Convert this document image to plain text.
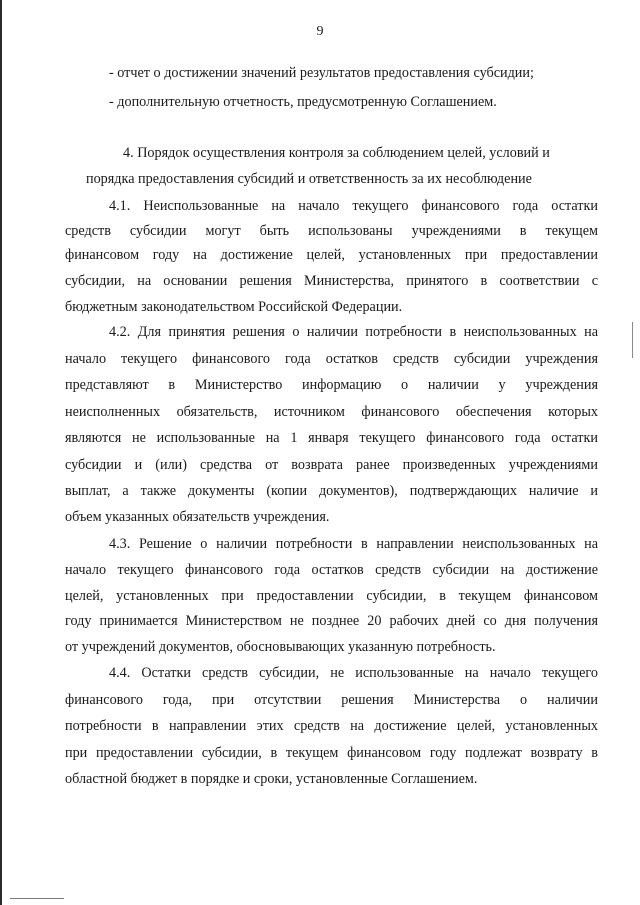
9

- отчет о достижении значений результатов предоставления субсидии;

- дополнительную отчетность, предусмотренную Соглашением.

4. Порядок осуществления контроля за соблюдением целей, условий и

порядка предоставления субсидий и ответственность за их несоблюдение

4.1. Неиспользованные на начало текущего финансового года остатки

средств субсидии могут быть использованы учреждениями в текущем

финансовом году на достижение целей, установленных при предоставлении

субсидии, на основании решения Министерства, принятого в соответствии с

бюджетным законодательством Российской Федерации.

4.2. Для принятия решения о наличии потребности в неиспользованных на

начало текущего финансового года остатков средств субсидии учреждения

представляют в Министерство информацию о наличии у учреждения

неисполненных обязательств, источником финансового обеспечения которых

являются не использованные на 1 января текущего финансового года остатки

субсидии и (или) средства от возврата ранее произведенных учреждениями

выплат, а также документы (копии документов), подтверждающих наличие и

объем указанных обязательств учреждения.

4.3. Решение о наличии потребности в направлении неиспользованных на

начало текущего финансового года остатков средств субсидии на достижение

целей, установленных при предоставлении субсидии, в текущем финансовом

году принимается Министерством не позднее 20 рабочих дней со дня получения

от учреждений документов, обосновывающих указанную потребность.

4.4. Остатки средств субсидии, не использованные на начало текущего

финансового года, при отсутствии решения Министерства о наличии

потребности в направлении этих средств на достижение целей, установленных

при предоставлении субсидии, в текущем финансовом году подлежат возврату в

областной бюджет в порядке и сроки, установленные Соглашением.
